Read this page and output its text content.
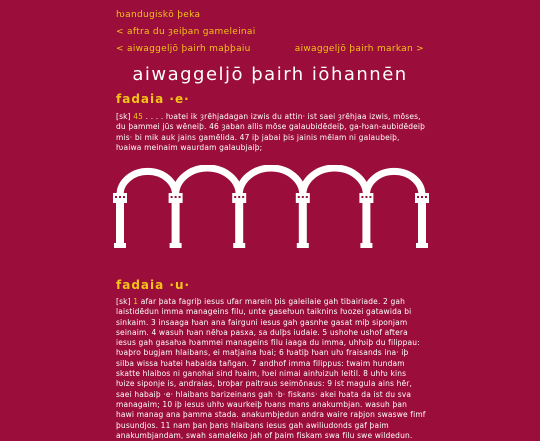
ƕandugiskō þeka
< aftra du ȝeiþan gameleinai
< aiwaggeljō þairh maþþaiu	aiwaggeljō þairh markan >
aiwaggeljō þairh iōhannēn
fadaia ·e·

[sk] 45 . . . . ƕatei ik ȝrēhjadagan izwis du attin· ist saei ȝrēhjaa izwis, mōses, du þammei jūs wēneiþ. 46 ȝaban allis mōse galaubidēdeiþ, ga-ƕan-aubidēdeiþ mis· bi mik auk jains gamēlida. 47 iþ jabai þis jainis mēlam ni galaubeiþ, ƕaiwa meinaim waurdam galaubjaiþ;

fadaia ·u·

[sk] 1 afar þata fagriþ iesus ufar marein þis galeilaie gah tibairiade. 2 gah laistidēdun imma manageins filu, unte gaseƕun taiknins ƕozei gatawida bi sinkaim. 3 insaaga ƕan ana fairguni iesus gah gasnhe gasat miþ siponjam seinaim. 4 wasuh ƕan nēƕa pasxa, sa dulþs iudaie. 5 ushohe ushof aftera iesus gah gasaƕa ƕammei manageins filu iaaga du imma, uhƕiþ du filippau: ƕaþro bugjam hlaibans, ei matjaina ƕai; 6 ƕatiþ ƕan uƕ fraisands ina· iþ silba wissa ƕatei habaida tañgan. 7 andhof imma filippus: twaim hundam skatte hlaibos ni ganohai sind ƕaim, ƕei nimai ainƕizuh leitil. 8 uhƕ kins ƕize siponje is, andraias, broþar paitraus seimōnaus: 9 ist magula ains hēr, saei habaiþ ·e· hlaibans barizeinans gah ·b· fiskans· akei ƕata da ist du sva managaim; 10 iþ iesus uhƕ waurkeiþ ƕans mans anakumbjan. wasuh þan hawi manag ana þamma stada. anakumbjedun andra waire raþjon swaswe fimf þusundjos. 11 nam þan þans hlaibans iesus gah awiliudonds gaf þaim anakumbjandam, swah samaleiko jah of þaim fiskam swa filu swe wildedun.
